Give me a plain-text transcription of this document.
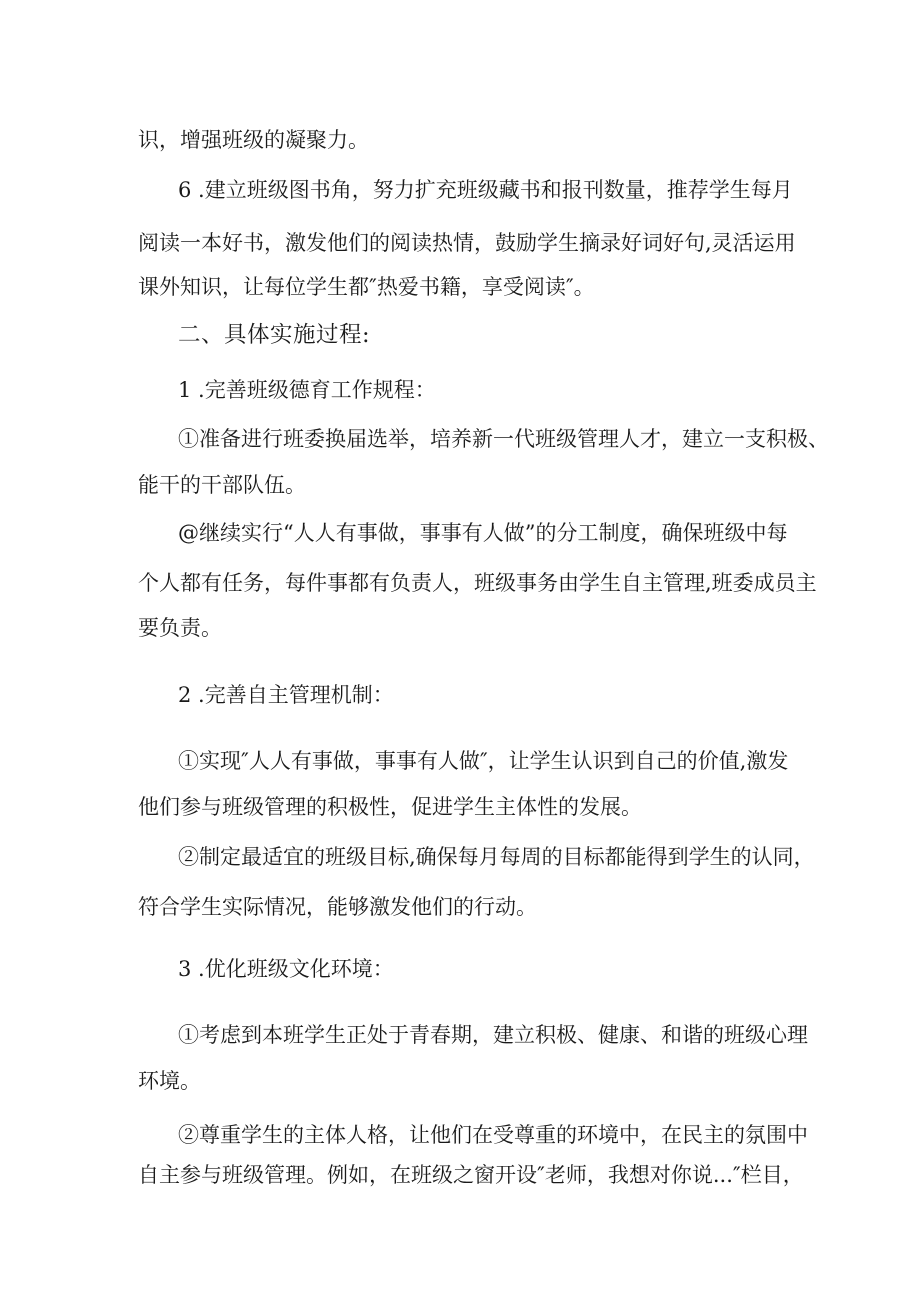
识，增强班级的凝聚力。
6 .建立班级图书角，努力扩充班级藏书和报刊数量，推荐学生每月
阅读一本好书，激发他们的阅读热情，鼓励学生摘录好词好句,灵活运用
课外知识，让每位学生都″热爱书籍，享受阅读″。
二、具体实施过程:
1 .完善班级德育工作规程：
①准备进行班委换届选举，培养新一代班级管理人才，建立一支积极、
能干的干部队伍。
@继续实行“人人有事做，事事有人做”的分工制度，确保班级中每
个人都有任务，每件事都有负责人，班级事务由学生自主管理,班委成员主
要负责。
2 .完善自主管理机制：
①实现″人人有事做，事事有人做″，让学生认识到自己的价值,激发
他们参与班级管理的积极性，促进学生主体性的发展。
②制定最适宜的班级目标,确保每月每周的目标都能得到学生的认同，
符合学生实际情况，能够激发他们的行动。
3 .优化班级文化环境：
①考虑到本班学生正处于青春期，建立积极、健康、和谐的班级心理
环境。
②尊重学生的主体人格，让他们在受尊重的环境中，在民主的氛围中
自主参与班级管理。例如，在班级之窗开设″老师，我想对你说...″栏目，
